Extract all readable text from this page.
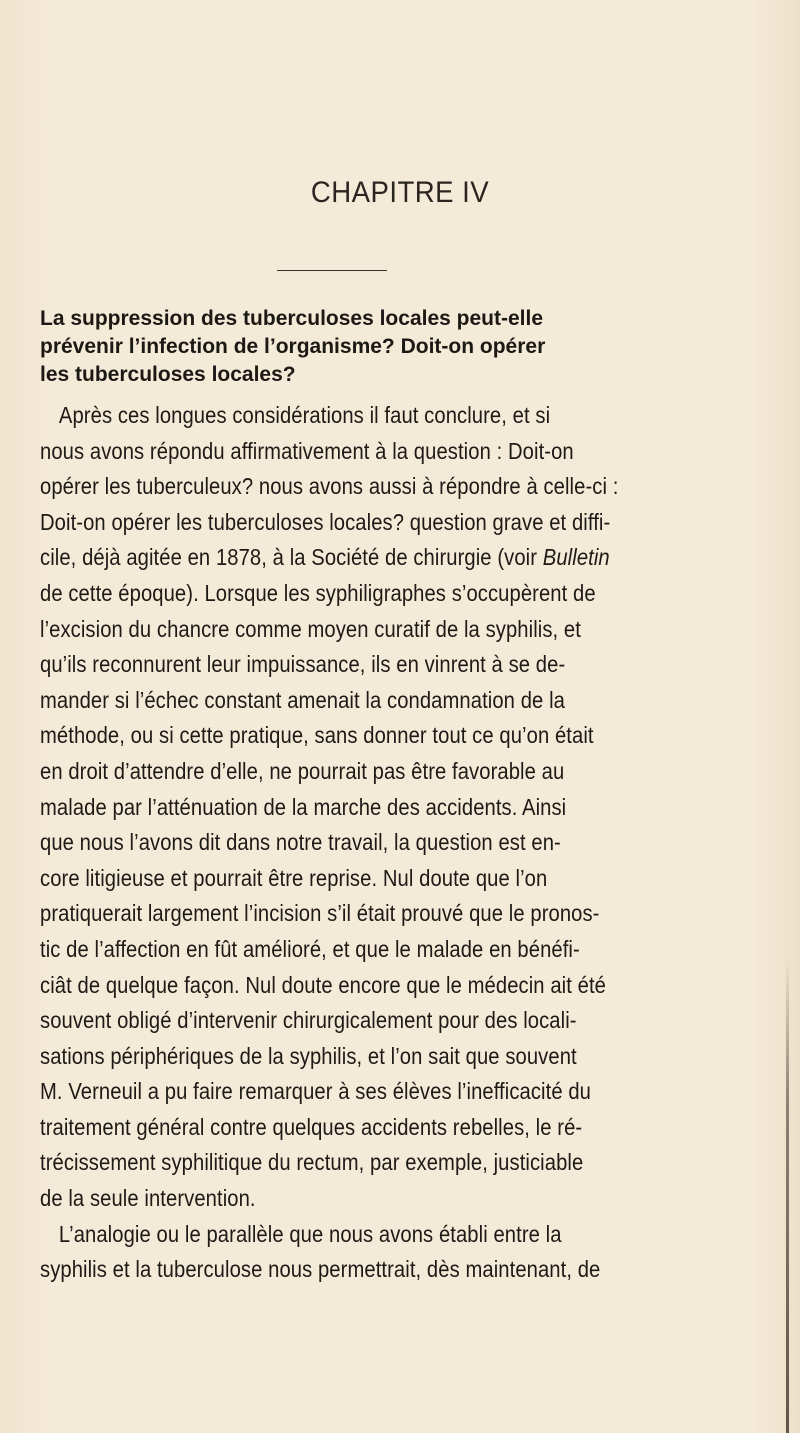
CHAPITRE IV
La suppression des tuberculoses locales peut-elle
prévenir l’infection de l’organisme? Doit-on opérer
les tuberculoses locales?
Après ces longues considérations il faut conclure, et si
nous avons répondu affirmativement à la question : Doit-on
opérer les tuberculeux? nous avons aussi à répondre à celle-ci :
Doit-on opérer les tuberculoses locales? question grave et diffi-
cile, déjà agitée en 1878, à la Société de chirurgie (voir Bulletin
de cette époque). Lorsque les syphiligraphes s’occupèrent de
l’excision du chancre comme moyen curatif de la syphilis, et
qu’ils reconnurent leur impuissance, ils en vinrent à se de-
mander si l’échec constant amenait la condamnation de la
méthode, ou si cette pratique, sans donner tout ce qu’on était
en droit d’attendre d’elle, ne pourrait pas être favorable au
malade par l’atténuation de la marche des accidents. Ainsi
que nous l’avons dit dans notre travail, la question est en-
core litigieuse et pourrait être reprise. Nul doute que l’on
pratiquerait largement l’incision s’il était prouvé que le pronos-
tic de l’affection en fût amélioré, et que le malade en bénéfi-
ciât de quelque façon. Nul doute encore que le médecin ait été
souvent obligé d’intervenir chirurgicalement pour des locali-
sations périphériques de la syphilis, et l’on sait que souvent
M. Verneuil a pu faire remarquer à ses élèves l’inefficacité du
traitement général contre quelques accidents rebelles, le ré-
trécissement syphilitique du rectum, par exemple, justiciable
de la seule intervention.
L’analogie ou le parallèle que nous avons établi entre la
syphilis et la tuberculose nous permettrait, dès maintenant, de
